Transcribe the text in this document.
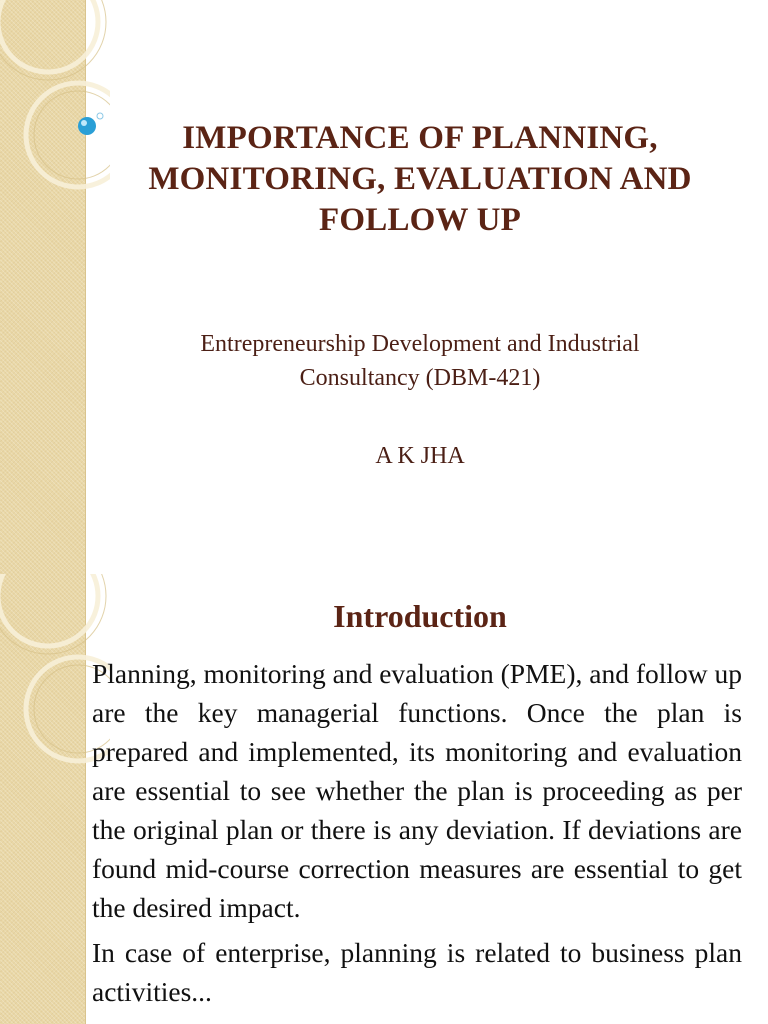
IMPORTANCE OF PLANNING,
MONITORING, EVALUATION AND
FOLLOW UP
Entrepreneurship Development and Industrial
Consultancy (DBM-421)
A K JHA
Introduction

Planning, monitoring and evaluation (PME), and follow up are the key managerial functions. Once the plan is prepared and implemented, its monitoring and evaluation are essential to see whether the plan is proceeding as per the original plan or there is any deviation. If deviations are found mid-course correction measures are essential to get the desired impact.

In case of enterprise, planning is related to business plan activities...
